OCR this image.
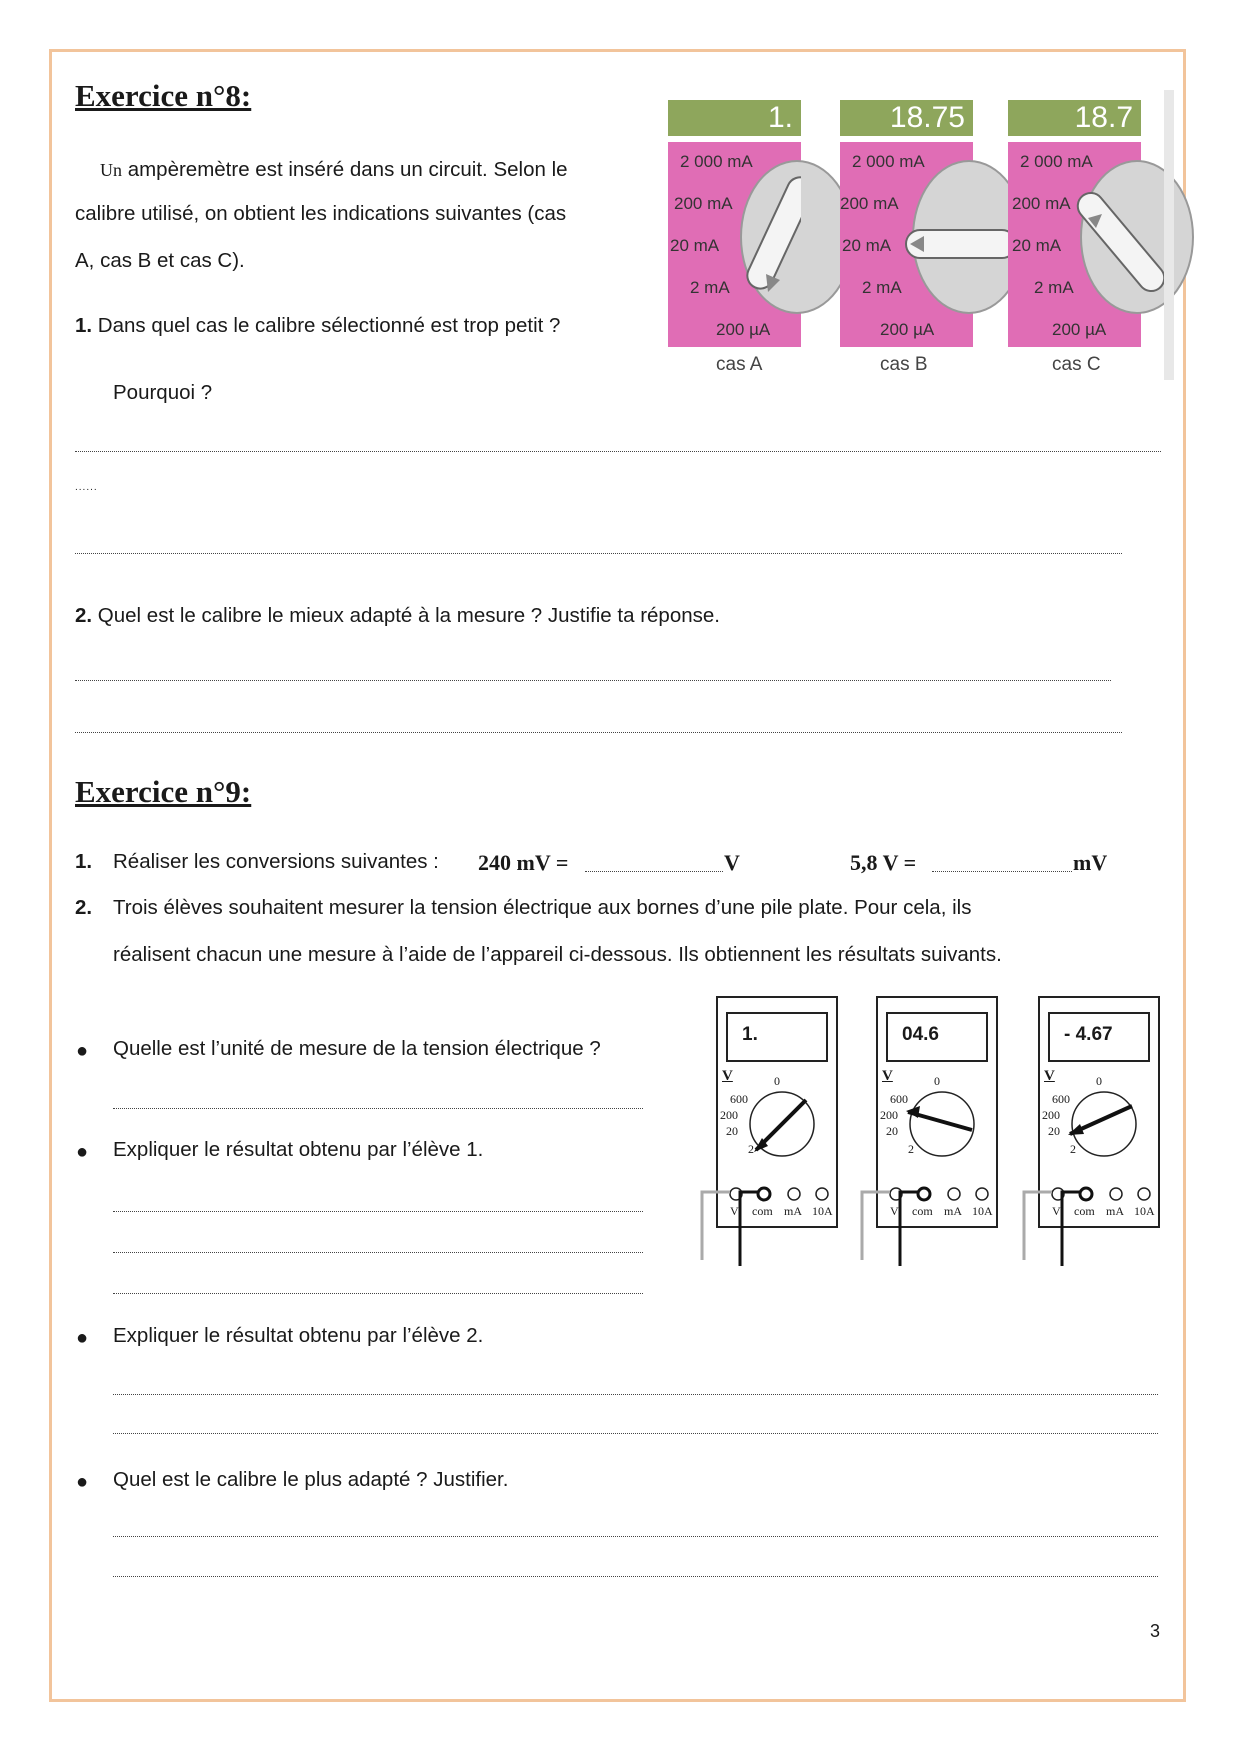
Exercice n°8:
Un ampèremètre est inséré dans un circuit. Selon le
calibre utilisé, on obtient les indications suivantes (cas
A, cas B et cas C).
1. Dans quel cas le calibre sélectionné est trop petit ?
Pourquoi ?
......
2. Quel est le calibre le mieux adapté à la mesure ? Justifie ta réponse.
1.
2 000 mA
200 mA
20 mA
2 mA
200 µA
cas A
18.75
2 000 mA
200 mA
20 mA
2 mA
200 µA
cas B
18.7
2 000 mA
200 mA
20 mA
2 mA
200 µA
cas C
Exercice n°9:
1. Réaliser les conversions suivantes : 240 mV =	V	5,8 V =	mV
2. Trois élèves souhaitent mesurer la tension électrique aux bornes d’une pile plate. Pour cela, ils
réalisent chacun une mesure à l’aide de l’appareil ci-dessous. Ils obtiennent les résultats suivants.
● Quelle est l’unité de mesure de la tension électrique ?
● Expliquer le résultat obtenu par l’élève 1.
● Expliquer le résultat obtenu par l’élève 2.
● Quel est le calibre le plus adapté ? Justifier.
1.
V	0
600
200
20
2
V com mA 10A
04.6
V	0
600
200
20
2
V com mA 10A
- 4.67
V	0
600
200
20
2
V com mA 10A
3
